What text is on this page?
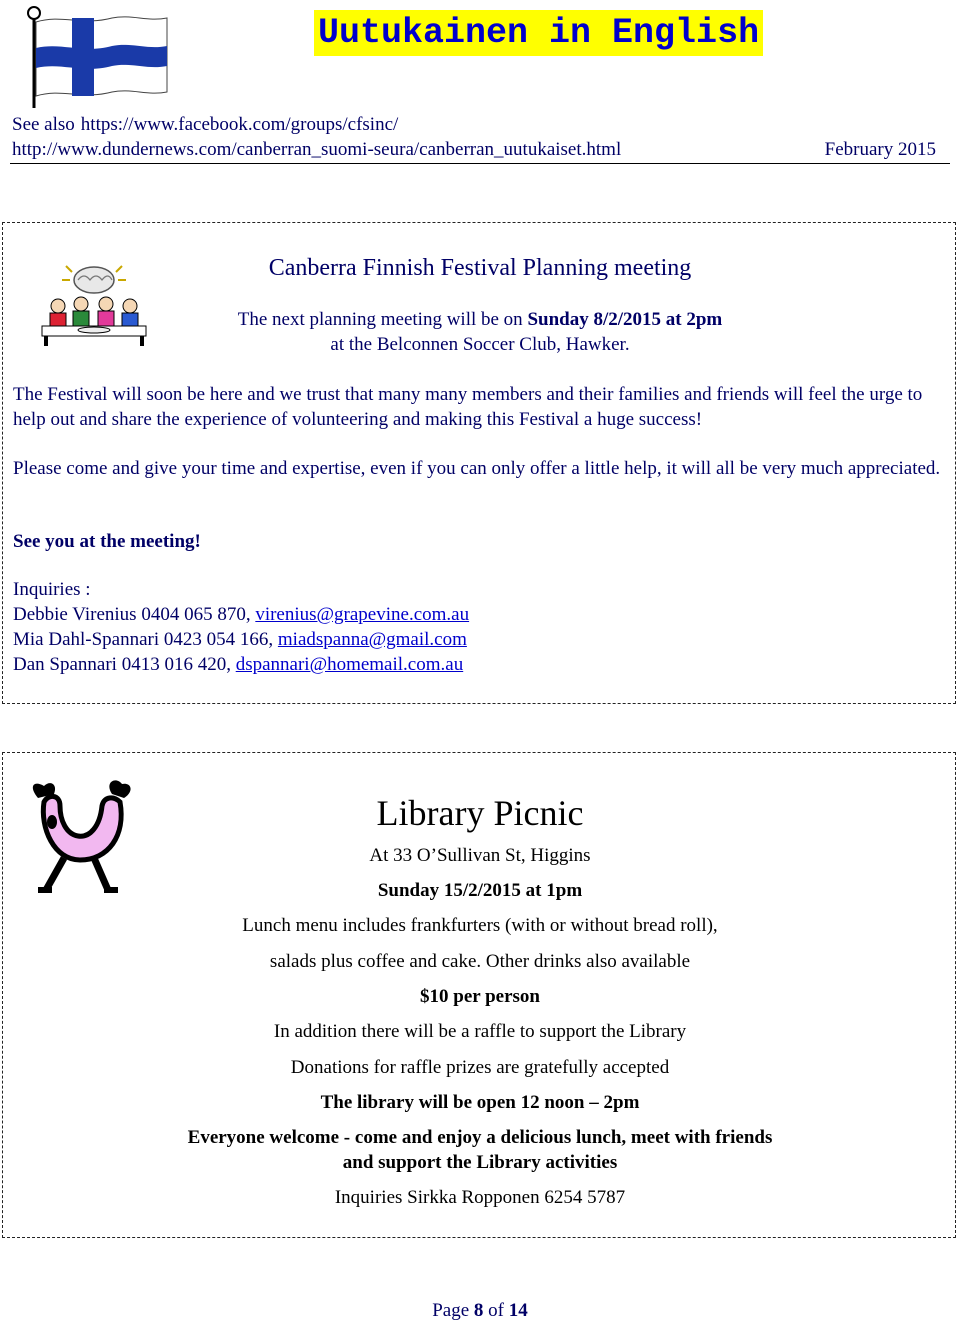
Uutukainen in English
See also https://www.facebook.com/groups/cfsinc/
http://www.dundernews.com/canberran_suomi-seura/canberran_uutukaiset.html	February 2015
Canberra Finnish Festival Planning meeting
The next planning meeting will be on Sunday 8/2/2015 at 2pm
at the Belconnen Soccer Club, Hawker.
The Festival will soon be here and we trust that many many members and their families and friends will feel the urge to help out and share the experience of volunteering and making this Festival a huge success!
Please come and give your time and expertise, even if you can only offer a little help, it will all be very much appreciated.
See you at the meeting!
Inquiries :
Debbie Virenius 0404 065 870, virenius@grapevine.com.au
Mia Dahl-Spannari 0423 054 166, miadspanna@gmail.com
Dan Spannari 0413 016 420, dspannari@homemail.com.au
Library Picnic
At 33 O’Sullivan St, Higgins
Sunday 15/2/2015 at 1pm
Lunch menu includes frankfurters (with or without bread roll),
salads plus coffee and cake. Other drinks also available
$10 per person
In addition there will be a raffle to support the Library
Donations for raffle prizes are gratefully accepted
The library will be open 12 noon – 2pm
Everyone welcome - come and enjoy a delicious lunch, meet with friends
and support the Library activities
Inquiries Sirkka Ropponen 6254 5787
Page 8 of 14
